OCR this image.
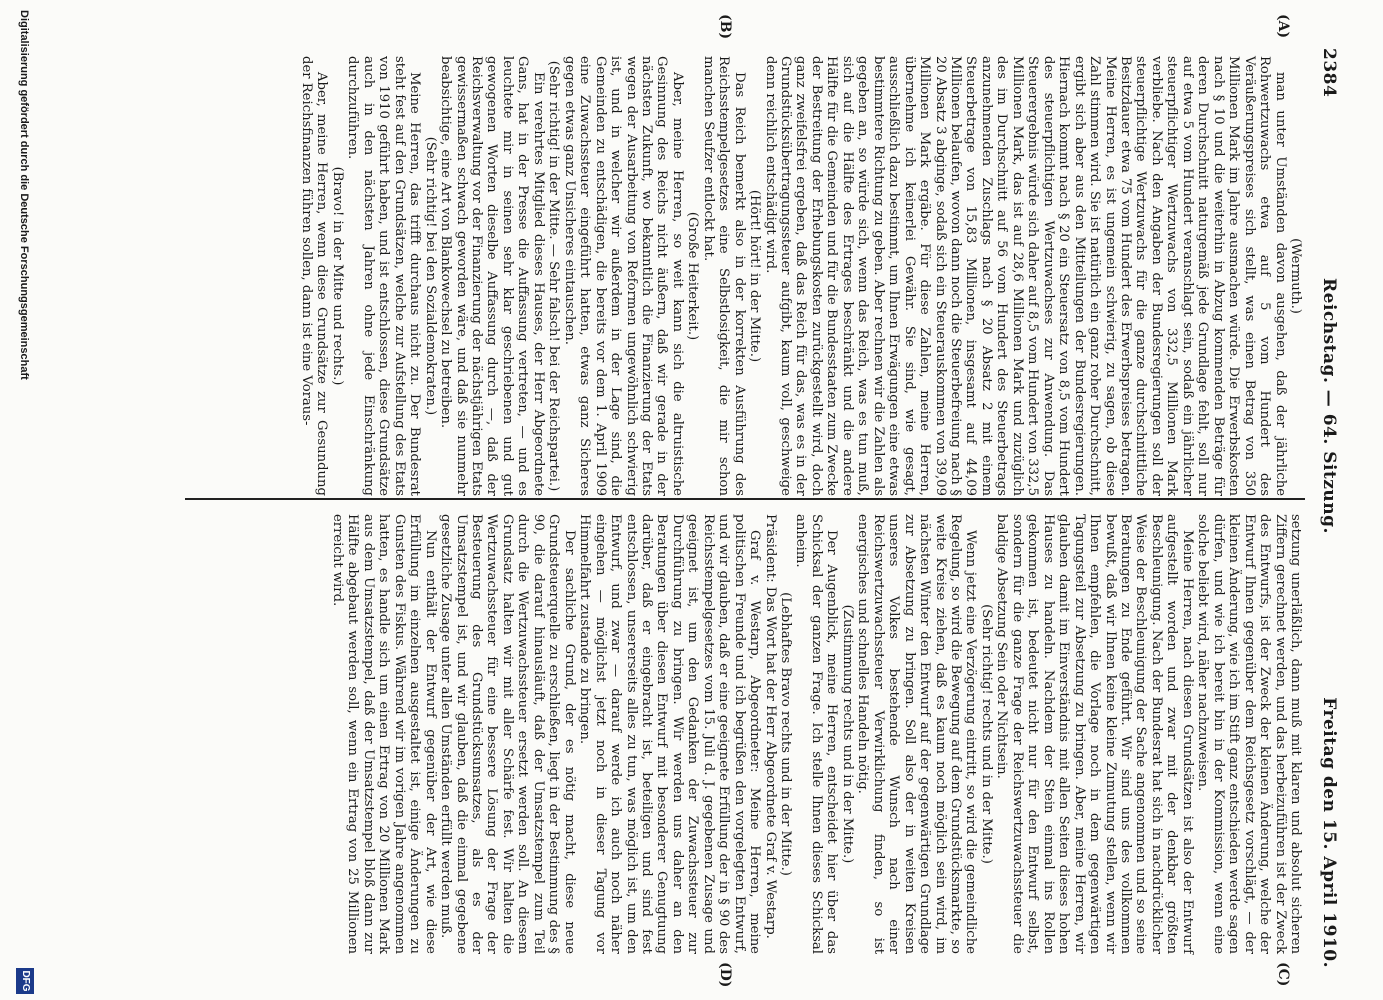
2384
Reichstag. — 64. Sitzung.
Freitag den 15. April 1910.
(A)
(B)
(C)
(D)

(Wermuth.)

man unter Umständen davon ausgehen, daß der jährliche Rohwertzuwachs etwa auf 5 vom Hundert des Veräußerungspreises sich stellt, was einen Betrag von 350 Millionen Mark im Jahre ausmachen würde. Die Erwerbskosten nach § 10 und die weiterhin in Abzug kommenden Beträge für deren Durchschnitt naturgemäß jede Grundlage fehlt, soll nur auf etwa 5 vom Hundert veranschlagt sein, sodaß ein jährlicher steuerpflichtiger Wertzuwachs von 332,5 Millionen Mark verbliebe. Nach den Angaben der Bundesregierungen soll der steuerpflichtige Wertzuwachs für die ganze durchschnittliche Besitzdauer etwa 75 vom Hundert des Erwerbspreises betragen. Meine Herren, es ist ungemein schwierig, zu sagen, ob diese Zahl stimmen wird. Sie ist natürlich ein ganz roher Durchschnitt, ergibt sich aber aus den Mitteilungen der Bundesregierungen. Hiernach kommt nach § 20 ein Steuersatz von 8,5 vom Hundert des steuerpflichtigen Wertzuwachses zur Anwendung. Das Steuerergebnis würde sich daher auf 8,5 vom Hundert von 332,5 Millionen Mark, das ist auf 28,6 Millionen Mark und zuzüglich des im Durchschnitt auf 56 vom Hundert des Steuerbetrags anzunehmenden Zuschlags nach § 20 Absatz 2 mit einem Steuerbetrage von 15,83 Millionen, insgesamt auf 44,09 Millionen belaufen, wovon dann noch die Steuerbefreiung nach § 20 Absatz 3 abginge, sodaß sich ein Steuerauskommen von 39,09 Millionen Mark ergäbe. Für diese Zahlen, meine Herren, übernehme ich keinerlei Gewähr. Sie sind, wie gesagt, ausschließlich dazu bestimmt, um Ihnen Erwägungen eine etwas bestimmtere Richtung zu geben. Aber rechnen wir die Zahlen als gegeben an, so würde sich, wenn das Reich, was es tun muß, sich auf die Hälfte des Ertrages beschränkt und die andere Hälfte für die Gemeinden und für die Bundesstaaten zum Zwecke der Bestreitung der Erhebungskosten zurückgestellt wird, doch ganz zweifelsfrei ergeben, daß das Reich für das, was es in der Grundstücksübertragungssteuer aufgibt, kaum voll, geschweige denn reichlich entschädigt wird.

(Hört! hört! in der Mitte.)

Das Reich bemerkt also in der korrekten Ausführung des Reichsstempelgesetzes eine Selbstlosigkeit, die mir schon manchen Seufzer entlockt hat.

(Große Heiterkeit.)

Aber, meine Herren, so weit kann sich die altruistische Gesinnung des Reichs nicht äußern, daß wir gerade in der nächsten Zukunft, wo bekanntlich die Finanzierung der Etats wegen der Ausarbeitung von Reformen ungewöhnlich schwierig ist, und in welcher wir außerdem in der Lage sind, die Gemeinden zu entschädigen, die bereits vor dem 1. April 1909 eine Zuwachssteuer eingeführt hatten, etwas ganz Sicheres gegen etwas ganz Unsicheres eintauschen.

(Sehr richtig! in der Mitte. — Sehr falsch! bei der Reichspartei.)

Ein verehrtes Mitglied dieses Hauses, der Herr Abgeordnete Gans, hat in der Presse die Auffassung vertreten, — und es leuchtete mir in seinen sehr klar geschriebenen und gut gewogenen Worten dieselbe Auffassung durch —, daß der Reichsverwaltung vor der Finanzierung der nächstjährigen Etats gewissermaßen schwach geworden wäre, und daß sie nunmehr beabsichtige, eine Art von Blankowechsel zu betreiben.

(Sehr richtig! bei den Sozialdemokraten.)

Meine Herren, das trifft durchaus nicht zu. Der Bundesrat steht fest auf den Grundsätzen, welche zur Aufstellung des Etats von 1910 geführt haben, und ist entschlossen, diese Grundsätze auch in den nächsten Jahren ohne jede Einschränkung durchzuführen.

(Bravo! in der Mitte und rechts.)

Aber, meine Herren, wenn diese Grundsätze zur Gesundung der Reichsfinanzen führen sollen, dann ist eine Voraus-

setzung unerläßlich, dann muß mit klaren und absolut sicheren Ziffern gerechnet werden, und das herbeizuführen ist der Zweck des Entwurfs, ist der Zweck der kleinen Änderung, welche der Entwurf Ihnen gegenüber dem Reichsgesetz vorschlägt, — der kleinen Änderung, wie ich im Stift ganz entschieden werde sagen dürfen, und wie ich bereit bin in der Kommission, wenn eine solche beliebt wird, näher nachzuweisen.

Meine Herren, nach diesen Grundsätzen ist also der Entwurf aufgestellt worden und zwar mit der denkbar größten Beschleunigung. Nach der Bundesrat hat sich in nachdrücklicher Weise der Beschleunigung der Sache angenommen und so seine Beratungen zu Ende geführt. Wir sind uns des vollkommen bewußt, daß wir Ihnen keine kleine Zumutung stellen, wenn wir Ihnen empfehlen, die Vorlage noch in dem gegenwärtigen Tagungsteil zur Absetzung zu bringen. Aber, meine Herren, wir glauben damit im Einverständnis mit allen Seiten dieses hohen Hauses zu handeln. Nachdem der Stein einmal ins Rollen gekommen ist, bedeutet nicht nur für den Entwurf selbst, sondern für die ganze Frage der Reichswertzuwachssteuer die baldige Absetzung Sein oder Nichtsein.

(Sehr richtig! rechts und in der Mitte.)

Wenn jetzt eine Verzögerung eintritt, so wird die gemeindliche Regelung, so wird die Bewegung auf dem Grundstücksmarkte, so weite Kreise ziehen, daß es kaum noch möglich sein wird, im nächsten Winter den Entwurf auf der gegenwärtigen Grundlage zur Absetzung zu bringen. Soll also der in weiten Kreisen unseres Volkes bestehende Wunsch nach einer Reichswertzuwachssteuer Verwirklichung finden, so ist energisches und schnelles Handeln nötig.

(Zustimmung rechts und in der Mitte.)

Der Augenblick, meine Herren, entscheidet hier über das Schicksal der ganzen Frage. Ich stelle Ihnen dieses Schicksal anheim.

(Lebhaftes Bravo rechts und in der Mitte.)

Präsident: Das Wort hat der Herr Abgeordnete Graf v. Westarp.

Graf v. Westarp, Abgeordneter: Meine Herren, meine politischen Freunde und ich begrüßen den vorgelegten Entwurf, und wir glauben, daß er eine geeignete Erfüllung der in § 90 des Reichsstempelgesetzes vom 15. Juli d. J. gegebenen Zusage und geeignet ist, um den Gedanken der Zuwachssteuer zur Durchführung zu bringen. Wir werden uns daher an den Beratungen über diesen Entwurf mit besonderer Genugtuung darüber, daß er eingebracht ist, beteiligen und sind fest entschlossen, unsererseits alles zu tun, was möglich ist, um den Entwurf, und zwar — darauf werde ich auch noch näher eingehen — möglichst jetzt noch in dieser Tagung vor Himmelfahrt zustande zu bringen.

Der sachliche Grund, der es nötig macht, diese neue Grundsteuerquelle zu erschließen, liegt in der Bestimmung des § 90, die darauf hinausläuft, daß der Umsatzstempel zum Teil durch die Wertzuwachssteuer ersetzt werden soll. An diesem Grundsatz halten wir mit aller Schärfe fest. Wir halten die Wertzuwachssteuer für eine bessere Lösung der Frage der Besteuerung des Grundstücksumsatzes, als es der Umsatzstempel ist, und wir glauben, daß die einmal gegebene gesetzliche Zusage unter allen Umständen erfüllt werden muß.

Nun enthält der Entwurf gegenüber der Art, wie diese Erfüllung im einzelnen ausgestaltet ist, einige Änderungen zu Gunsten des Fiskus. Während wir im vorigen Jahre angenommen hatten, es handle sich um einen Ertrag von 20 Millionen Mark aus dem Umsatzstempel, daß der Umsatzstempel bloß dann zur Hälfte abgebaut werden soll, wenn ein Ertrag von 25 Millionen erreicht wird.

Digitalisierung gefördert durch die Deutsche Forschungsgemeinschaft
DFG
